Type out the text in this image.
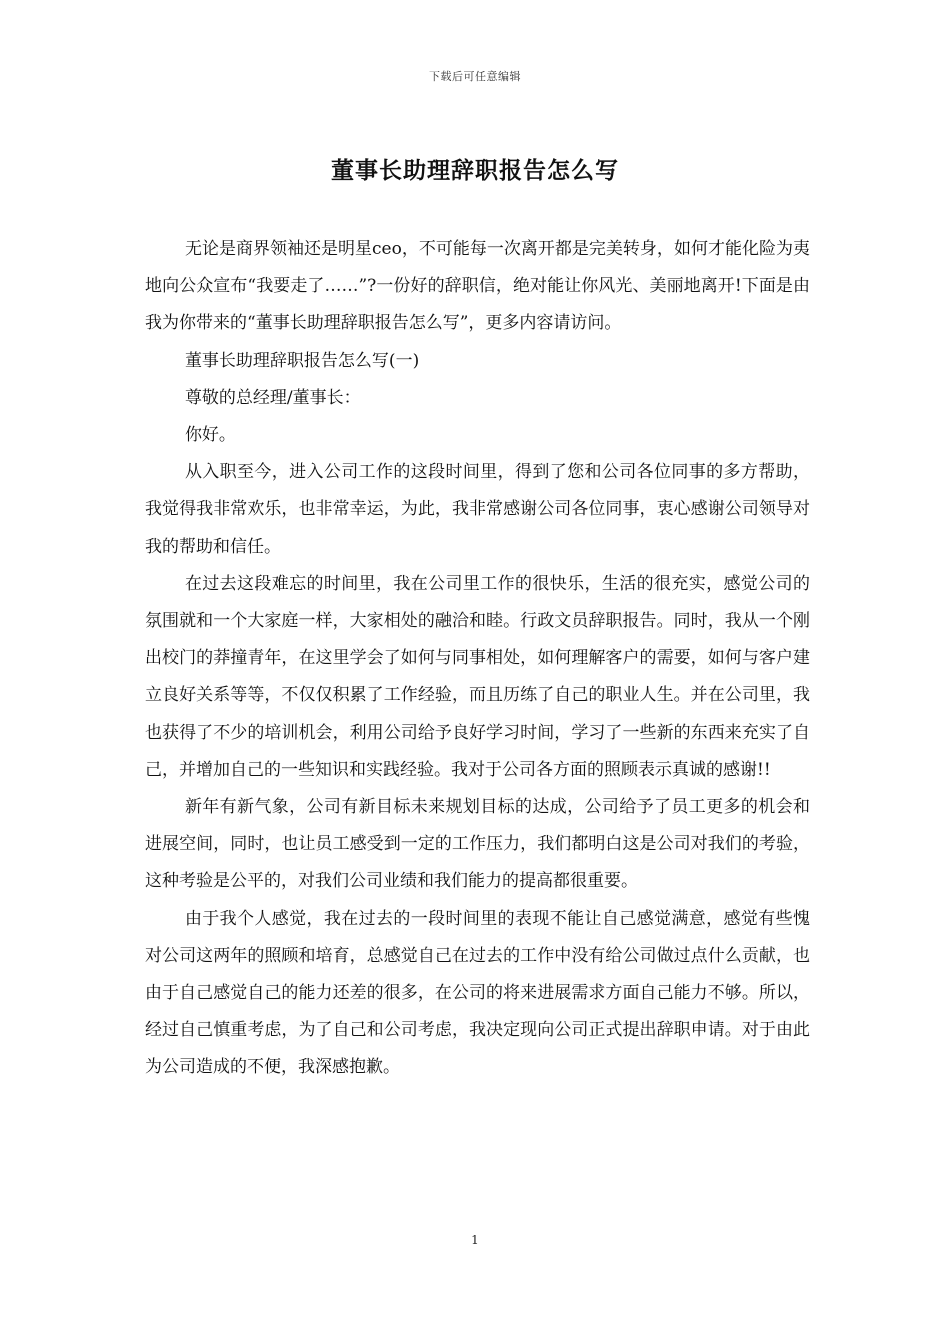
下载后可任意编辑
董事长助理辞职报告怎么写

无论是商界领袖还是明星ceo，不可能每一次离开都是完美转身，如何才能化险为夷地向公众宣布“我要走了……”?一份好的辞职信，绝对能让你风光、美丽地离开!下面是由我为你带来的“董事长助理辞职报告怎么写”，更多内容请访问。

董事长助理辞职报告怎么写(一)

尊敬的总经理/董事长：

你好。

从入职至今，进入公司工作的这段时间里，得到了您和公司各位同事的多方帮助，我觉得我非常欢乐，也非常幸运，为此，我非常感谢公司各位同事，衷心感谢公司领导对我的帮助和信任。

在过去这段难忘的时间里，我在公司里工作的很快乐，生活的很充实，感觉公司的氛围就和一个大家庭一样，大家相处的融洽和睦。行政文员辞职报告。同时，我从一个刚出校门的莽撞青年，在这里学会了如何与同事相处，如何理解客户的需要，如何与客户建立良好关系等等，不仅仅积累了工作经验，而且历练了自己的职业人生。并在公司里，我也获得了不少的培训机会，利用公司给予良好学习时间，学习了一些新的东西来充实了自己，并增加自己的一些知识和实践经验。我对于公司各方面的照顾表示真诚的感谢!!

新年有新气象，公司有新目标未来规划目标的达成，公司给予了员工更多的机会和进展空间，同时，也让员工感受到一定的工作压力，我们都明白这是公司对我们的考验，这种考验是公平的，对我们公司业绩和我们能力的提高都很重要。

由于我个人感觉，我在过去的一段时间里的表现不能让自己感觉满意，感觉有些愧对公司这两年的照顾和培育，总感觉自己在过去的工作中没有给公司做过点什么贡献，也由于自己感觉自己的能力还差的很多，在公司的将来进展需求方面自己能力不够。所以，经过自己慎重考虑，为了自己和公司考虑，我决定现向公司正式提出辞职申请。对于由此为公司造成的不便，我深感抱歉。

1
